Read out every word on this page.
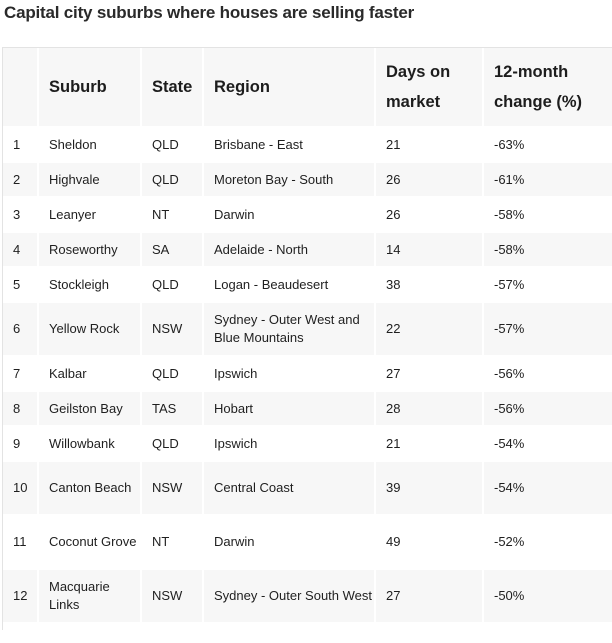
Capital city suburbs where houses are selling faster
	Suburb	State	Region	Days on market	12-month change (%)
1	Sheldon	QLD	Brisbane - East	21	-63%
2	Highvale	QLD	Moreton Bay - South	26	-61%
3	Leanyer	NT	Darwin	26	-58%
4	Roseworthy	SA	Adelaide - North	14	-58%
5	Stockleigh	QLD	Logan - Beaudesert	38	-57%
6	Yellow Rock	NSW	Sydney - Outer West and Blue Mountains	22	-57%
7	Kalbar	QLD	Ipswich	27	-56%
8	Geilston Bay	TAS	Hobart	28	-56%
9	Willowbank	QLD	Ipswich	21	-54%
10	Canton Beach	NSW	Central Coast	39	-54%
11	Coconut Grove	NT	Darwin	49	-52%
12	Macquarie Links	NSW	Sydney - Outer South West	27	-50%
